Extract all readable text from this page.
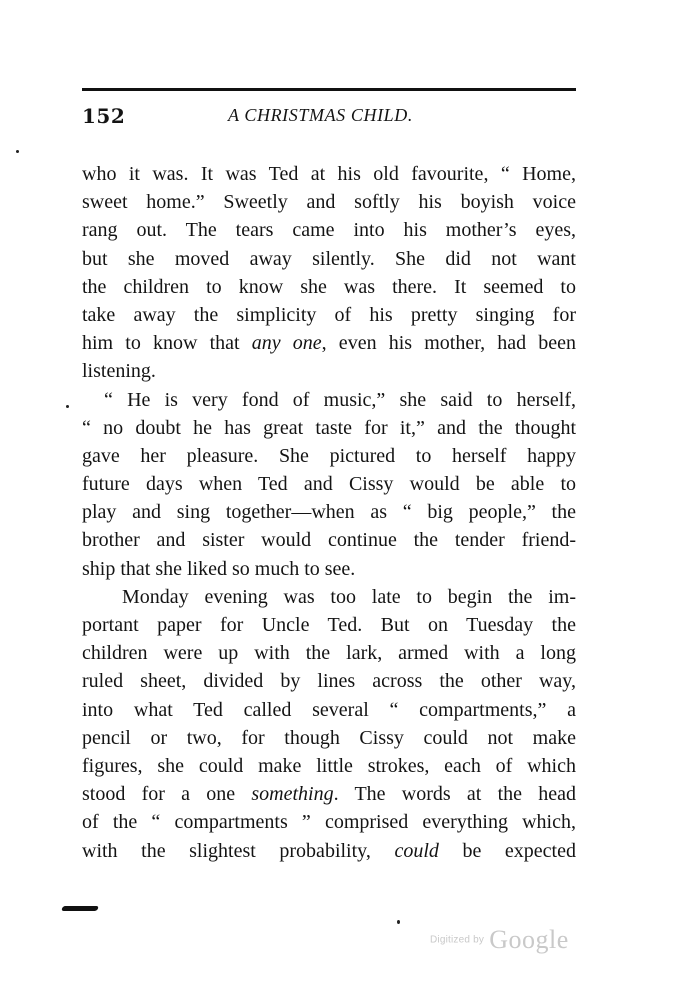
152	A CHRISTMAS CHILD.
who it was. It was Ted at his old favourite, “ Home,
sweet home.” Sweetly and softly his boyish voice
rang out. The tears came into his mother’s eyes,
but she moved away silently. She did not want
the children to know she was there. It seemed to
take away the simplicity of his pretty singing for
him to know that any one, even his mother, had been
listening.
“ He is very fond of music,” she said to herself,
“ no doubt he has great taste for it,” and the thought
gave her pleasure. She pictured to herself happy
future days when Ted and Cissy would be able to
play and sing together—when as “ big people,” the
brother and sister would continue the tender friend-
ship that she liked so much to see.
Monday evening was too late to begin the im-
portant paper for Uncle Ted. But on Tuesday the
children were up with the lark, armed with a long
ruled sheet, divided by lines across the other way,
into what Ted called several “ compartments,” a
pencil or two, for though Cissy could not make
figures, she could make little strokes, each of which
stood for a one something. The words at the head
of the “ compartments ” comprised everything which,
with the slightest probability, could be expected
Digitized by Google
